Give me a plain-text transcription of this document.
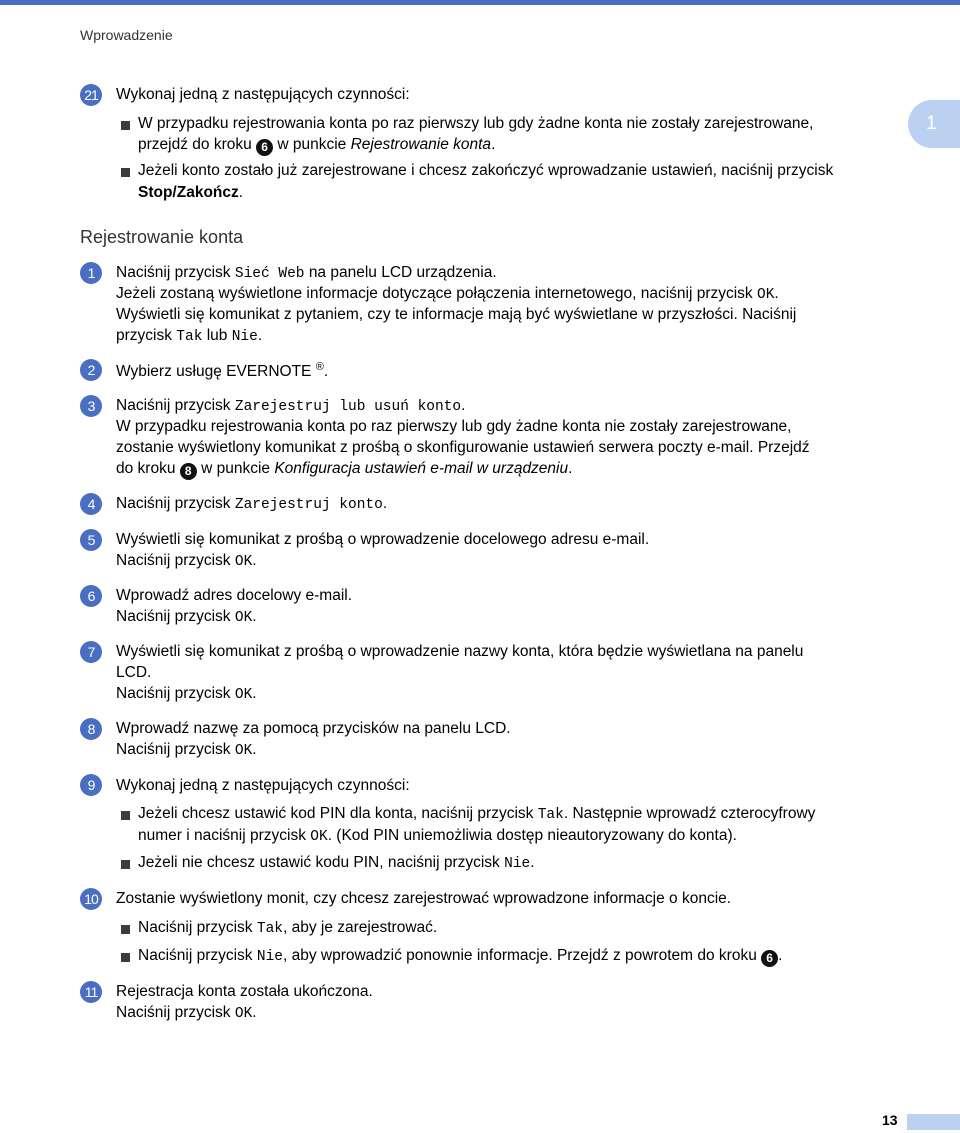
Wprowadzenie
1
21 Wykonaj jedną z następujących czynności:
W przypadku rejestrowania konta po raz pierwszy lub gdy żadne konta nie zostały zarejestrowane,
przejdź do kroku 6 w punkcie Rejestrowanie konta.
Jeżeli konto zostało już zarejestrowane i chcesz zakończyć wprowadzanie ustawień, naciśnij przycisk
Stop/Zakończ.
Rejestrowanie konta
1	Naciśnij przycisk Sieć Web na panelu LCD urządzenia.
Jeżeli zostaną wyświetlone informacje dotyczące połączenia internetowego, naciśnij przycisk OK.
Wyświetli się komunikat z pytaniem, czy te informacje mają być wyświetlane w przyszłości. Naciśnij
przycisk Tak lub Nie.
2	Wybierz usługę EVERNOTE ®.
3	Naciśnij przycisk Zarejestruj lub usuń konto.
W przypadku rejestrowania konta po raz pierwszy lub gdy żadne konta nie zostały zarejestrowane,
zostanie wyświetlony komunikat z prośbą o skonfigurowanie ustawień serwera poczty e-mail. Przejdź
do kroku 8 w punkcie Konfiguracja ustawień e-mail w urządzeniu.
4	Naciśnij przycisk Zarejestruj konto.
5	Wyświetli się komunikat z prośbą o wprowadzenie docelowego adresu e-mail.
Naciśnij przycisk OK.
6	Wprowadź adres docelowy e-mail.
Naciśnij przycisk OK.
7	Wyświetli się komunikat z prośbą o wprowadzenie nazwy konta, która będzie wyświetlana na panelu
LCD.
Naciśnij przycisk OK.
8	Wprowadź nazwę za pomocą przycisków na panelu LCD.
Naciśnij przycisk OK.
9	Wykonaj jedną z następujących czynności:
Jeżeli chcesz ustawić kod PIN dla konta, naciśnij przycisk Tak. Następnie wprowadź czterocyfrowy
numer i naciśnij przycisk OK. (Kod PIN uniemożliwia dostęp nieautoryzowany do konta).
Jeżeli nie chcesz ustawić kodu PIN, naciśnij przycisk Nie.
10 Zostanie wyświetlony monit, czy chcesz zarejestrować wprowadzone informacje o koncie.
Naciśnij przycisk Tak, aby je zarejestrować.
Naciśnij przycisk Nie, aby wprowadzić ponownie informacje. Przejdź z powrotem do kroku 6 .
11	Rejestracja konta została ukończona.
Naciśnij przycisk OK.
13
